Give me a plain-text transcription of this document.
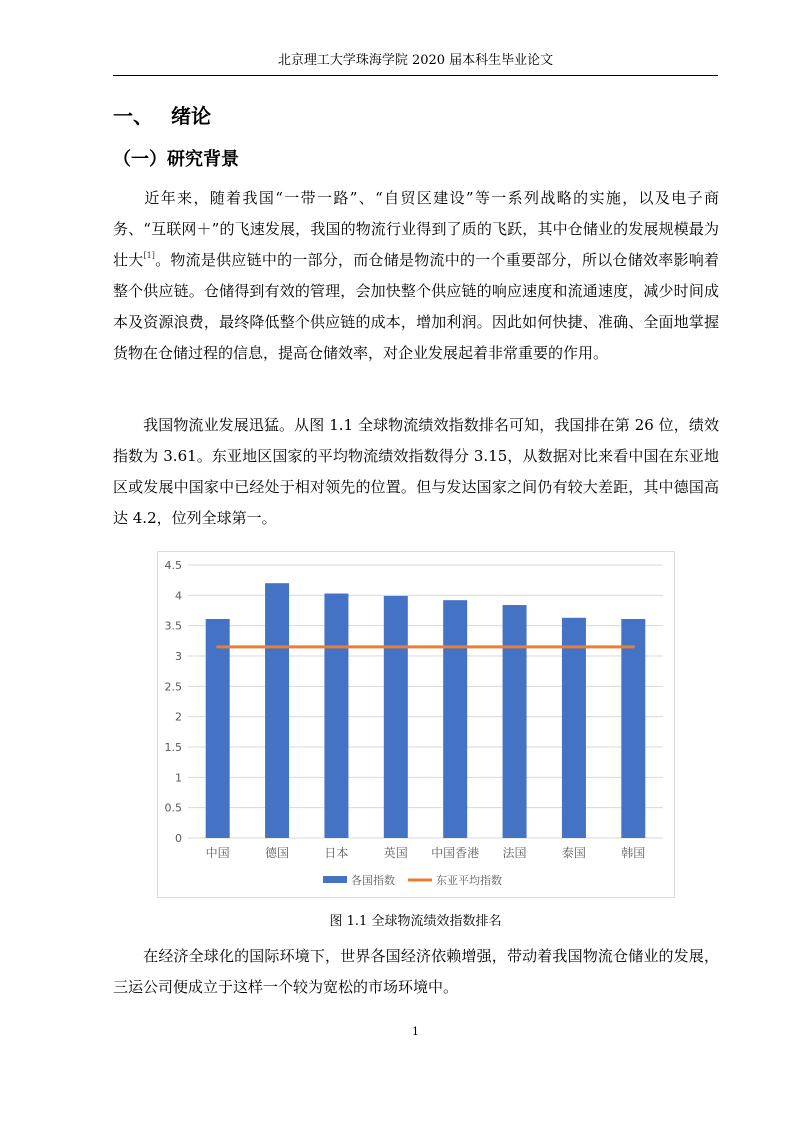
北京理工大学珠海学院 2020 届本科生毕业论文
一、 绪论
（一）研究背景

近年来，随着我国“一带一路”、“自贸区建设”等一系列战略的实施，以及电子商务、“互联网＋”的飞速发展，我国的物流行业得到了质的飞跃，其中仓储业的发展规模最为壮大[1]。物流是供应链中的一部分，而仓储是物流中的一个重要部分，所以仓储效率影响着整个供应链。仓储得到有效的管理，会加快整个供应链的响应速度和流通速度，减少时间成本及资源浪费，最终降低整个供应链的成本，增加利润。因此如何快捷、准确、全面地掌握货物在仓储过程的信息，提高仓储效率，对企业发展起着非常重要的作用。

我国物流业发展迅猛。从图 1.1 全球物流绩效指数排名可知，我国排在第 26 位，绩效指数为 3.61。东亚地区国家的平均物流绩效指数得分 3.15，从数据对比来看中国在东亚地区或发展中国家中已经处于相对领先的位置。但与发达国家之间仍有较大差距，其中德国高达 4.2，位列全球第一。

0
0.5
1
1.5
2
2.5
3
3.5
4
4.5
中国	德国	日本	英国 中国香港 法国	泰国	韩国
各国指数	东亚平均指数
图 1.1 全球物流绩效指数排名

在经济全球化的国际环境下，世界各国经济依赖增强，带动着我国物流仓储业的发展，三运公司便成立于这样一个较为宽松的市场环境中。

1
